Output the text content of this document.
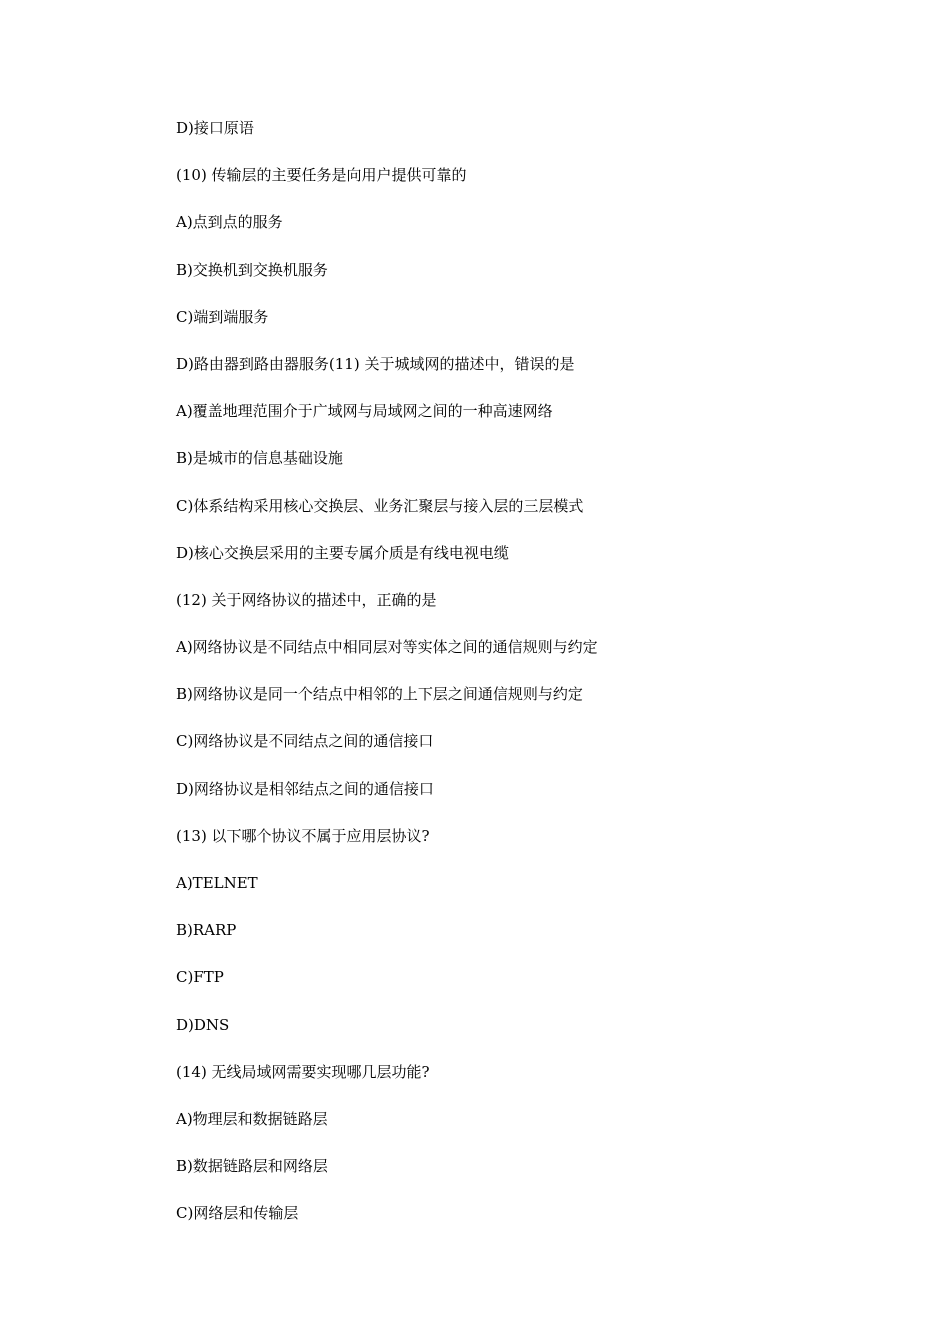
D)接口原语
(10) 传输层的主要任务是向用户提供可靠的
A)点到点的服务
B)交换机到交换机服务
C)端到端服务
D)路由器到路由器服务(11) 关于城域网的描述中，错误的是
A)覆盖地理范围介于广域网与局域网之间的一种高速网络
B)是城市的信息基础设施
C)体系结构采用核心交换层、业务汇聚层与接入层的三层模式
D)核心交换层采用的主要专属介质是有线电视电缆
(12) 关于网络协议的描述中，正确的是
A)网络协议是不同结点中相同层对等实体之间的通信规则与约定
B)网络协议是同一个结点中相邻的上下层之间通信规则与约定
C)网络协议是不同结点之间的通信接口
D)网络协议是相邻结点之间的通信接口
(13) 以下哪个协议不属于应用层协议?
A)TELNET
B)RARP
C)FTP
D)DNS
(14) 无线局域网需要实现哪几层功能?
A)物理层和数据链路层
B)数据链路层和网络层
C)网络层和传输层
